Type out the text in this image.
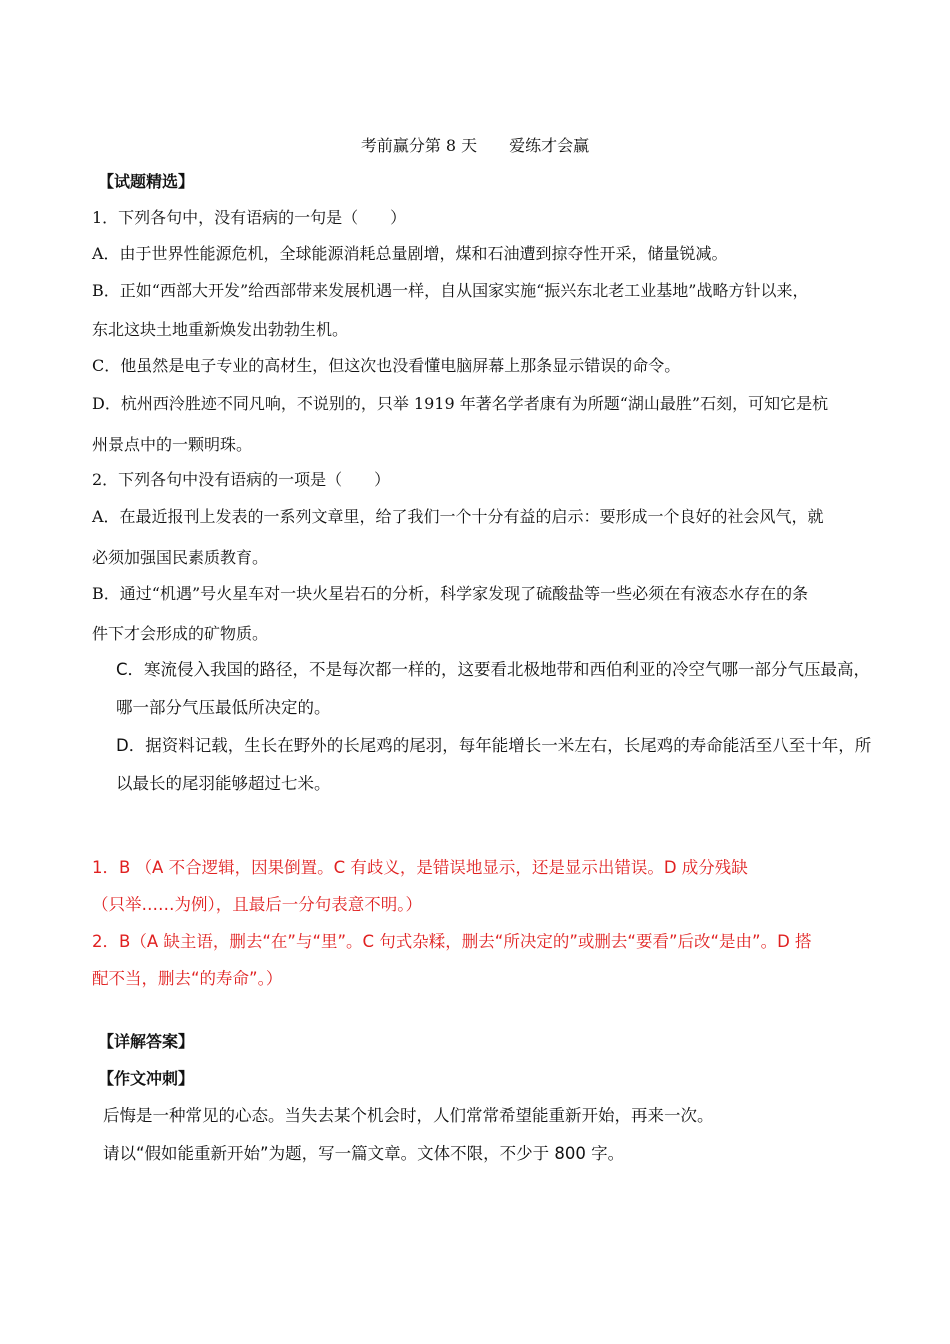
考前赢分第 8 天　　爱练才会赢
【试题精选】
1．下列各句中，没有语病的一句是（　　）
A．由于世界性能源危机，全球能源消耗总量剧增，煤和石油遭到掠夺性开采，储量锐减。
B．正如“西部大开发”给西部带来发展机遇一样，自从国家实施“振兴东北老工业基地”战略方针以来，
东北这块土地重新焕发出勃勃生机。
C．他虽然是电子专业的高材生，但这次也没看懂电脑屏幕上那条显示错误的命令。
D．杭州西泠胜迹不同凡响，不说别的，只举 1919 年著名学者康有为所题“湖山最胜”石刻，可知它是杭
州景点中的一颗明珠。
2．下列各句中没有语病的一项是（　　）
A．在最近报刊上发表的一系列文章里，给了我们一个十分有益的启示：要形成一个良好的社会风气，就
必须加强国民素质教育。
B．通过“机遇”号火星车对一块火星岩石的分析，科学家发现了硫酸盐等一些必须在有液态水存在的条
件下才会形成的矿物质。
C．寒流侵入我国的路径，不是每次都一样的，这要看北极地带和西伯利亚的冷空气哪一部分气压最高，
哪一部分气压最低所决定的。
D．据资料记载，生长在野外的长尾鸡的尾羽，每年能增长一米左右，长尾鸡的寿命能活至八至十年，所
以最长的尾羽能够超过七米。
1．B （A 不合逻辑，因果倒置。C 有歧义，是错误地显示，还是显示出错误。D 成分残缺
（只举……为例），且最后一分句表意不明。）
2．B（A 缺主语，删去“在”与“里”。C 句式杂糅，删去“所决定的”或删去“要看”后改“是由”。D 搭
配不当，删去“的寿命”。）
【详解答案】
【作文冲刺】
后悔是一种常见的心态。当失去某个机会时，人们常常希望能重新开始，再来一次。
请以“假如能重新开始”为题，写一篇文章。文体不限，不少于 800 字。
